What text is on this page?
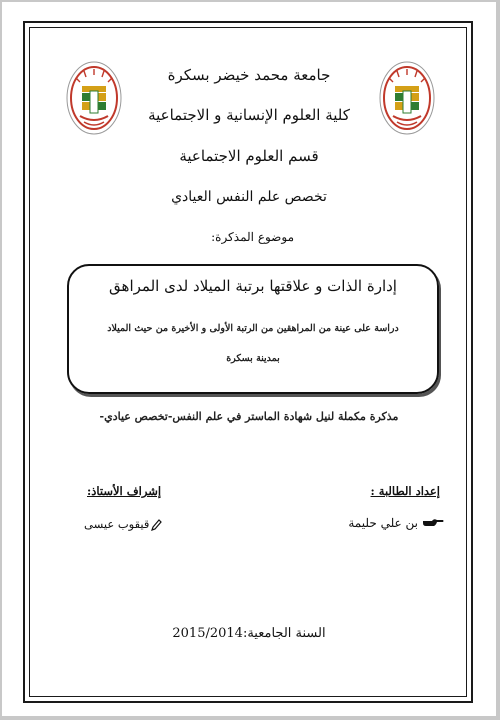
جامعة محمد خيضر بسكرة
كلية العلوم الإنسانية و الاجتماعية
قسم العلوم الاجتماعية
تخصص علم النفس العيادي
موضوع المذكرة:
إدارة الذات و علاقتها برتبة الميلاد لدى المراهق
دراسة على عينة من المراهقين من الرتبة الأولى و الأخيرة من حيث الميلاد
بمدينة بسكرة
مذكرة مكملة لنيل شهادة الماستر في علم النفس-تخصص عيادي-
إعداد الطالبة :
إشراف الأستاذ:
بن علي حليمة
قيقوب عيسى
السنة الجامعية:2015/2014
